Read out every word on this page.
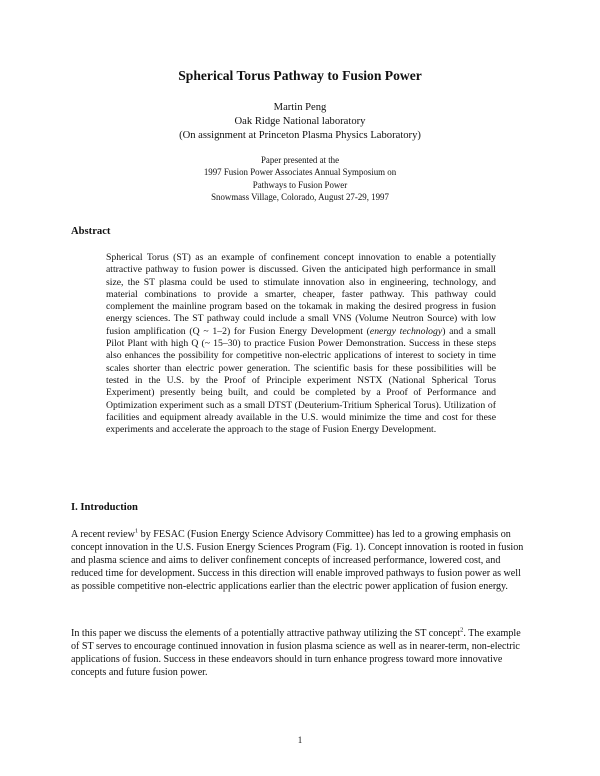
Spherical Torus Pathway to Fusion Power
Martin Peng
Oak Ridge National laboratory
(On assignment at Princeton Plasma Physics Laboratory)
Paper presented at the
1997 Fusion Power Associates Annual Symposium on
Pathways to Fusion Power
Snowmass Village, Colorado, August 27-29, 1997
Abstract

Spherical Torus (ST) as an example of confinement concept innovation to enable a potentially attractive pathway to fusion power is discussed. Given the anticipated high performance in small size, the ST plasma could be used to stimulate innovation also in engineering, technology, and material combinations to provide a smarter, cheaper, faster pathway. This pathway could complement the mainline program based on the tokamak in making the desired progress in fusion energy sciences. The ST pathway could include a small VNS (Volume Neutron Source) with low fusion amplification (Q ~ 1–2) for Fusion Energy Development (energy technology) and a small Pilot Plant with high Q (~ 15–30) to practice Fusion Power Demonstration. Success in these steps also enhances the possibility for competitive non-electric applications of interest to society in time scales shorter than electric power generation. The scientific basis for these possibilities will be tested in the U.S. by the Proof of Principle experiment NSTX (National Spherical Torus Experiment) presently being built, and could be completed by a Proof of Performance and Optimization experiment such as a small DTST (Deuterium-Tritium Spherical Torus). Utilization of facilities and equipment already available in the U.S. would minimize the time and cost for these experiments and accelerate the approach to the stage of Fusion Energy Development.

I. Introduction

A recent review$^1$ by FESAC (Fusion Energy Science Advisory Committee) has led to a growing emphasis on concept innovation in the U.S. Fusion Energy Sciences Program (Fig. 1). Concept innovation is rooted in fusion and plasma science and aims to deliver confinement concepts of increased performance, lowered cost, and reduced time for development. Success in this direction will enable improved pathways to fusion power as well as possible competitive non-electric applications earlier than the electric power application of fusion energy.

In this paper we discuss the elements of a potentially attractive pathway utilizing the ST concept$^2$. The example of ST serves to encourage continued innovation in fusion plasma science as well as in nearer-term, non-electric applications of fusion. Success in these endeavors should in turn enhance progress toward more innovative concepts and future fusion power.

1
